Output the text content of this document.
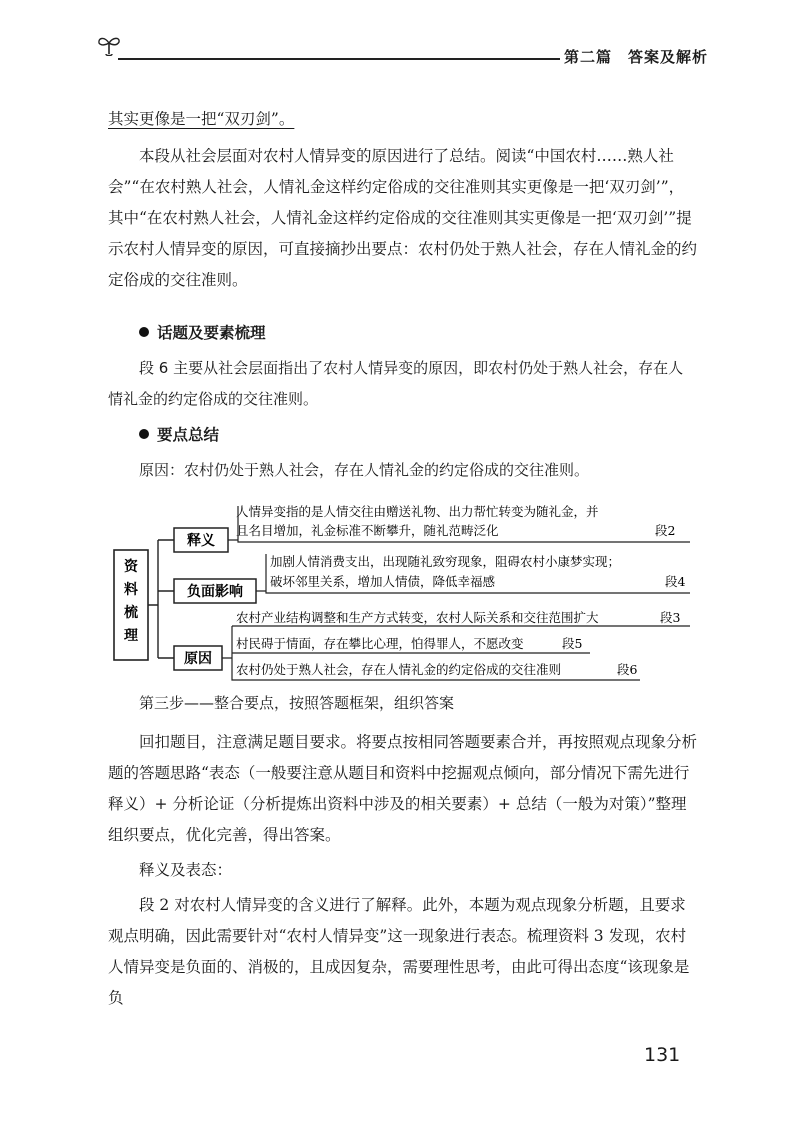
第二篇　答案及解析

其实更像是一把“双刃剑”。

本段从社会层面对农村人情异变的原因进行了总结。阅读“中国农村……熟人社会”“在农村熟人社会，人情礼金这样约定俗成的交往准则其实更像是一把‘双刃剑’”，其中“在农村熟人社会，人情礼金这样约定俗成的交往准则其实更像是一把‘双刃剑’”提示农村人情异变的原因，可直接摘抄出要点：农村仍处于熟人社会，存在人情礼金的约定俗成的交往准则。

话题及要素梳理

段 6 主要从社会层面指出了农村人情异变的原因，即农村仍处于熟人社会，存在人情礼金的约定俗成的交往准则。

要点总结

原因：农村仍处于熟人社会，存在人情礼金的约定俗成的交往准则。

资
料
梳
理
释义
人情异变指的是人情交往由赠送礼物、出力帮忙转变为随礼金，并
且名目增加，礼金标准不断攀升，随礼范畴泛化	段2
负面影响
加剧人情消费支出，出现随礼致穷现象，阻碍农村小康梦实现；
破坏邻里关系，增加人情债，降低幸福感	段4
原因
农村产业结构调整和生产方式转变，农村人际关系和交往范围扩大	段3
村民碍于情面，存在攀比心理，怕得罪人，不愿改变	段5
农村仍处于熟人社会，存在人情礼金的约定俗成的交往准则	段6

第三步——整合要点，按照答题框架，组织答案

回扣题目，注意满足题目要求。将要点按相同答题要素合并，再按照观点现象分析题的答题思路“表态（一般要注意从题目和资料中挖掘观点倾向，部分情况下需先进行释义）+ 分析论证（分析提炼出资料中涉及的相关要素）+ 总结（一般为对策）”整理组织要点，优化完善，得出答案。

释义及表态：

段 2 对农村人情异变的含义进行了解释。此外，本题为观点现象分析题，且要求观点明确，因此需要针对“农村人情异变”这一现象进行表态。梳理资料 3 发现，农村人情异变是负面的、消极的，且成因复杂，需要理性思考，由此可得出态度“该现象是负

131
